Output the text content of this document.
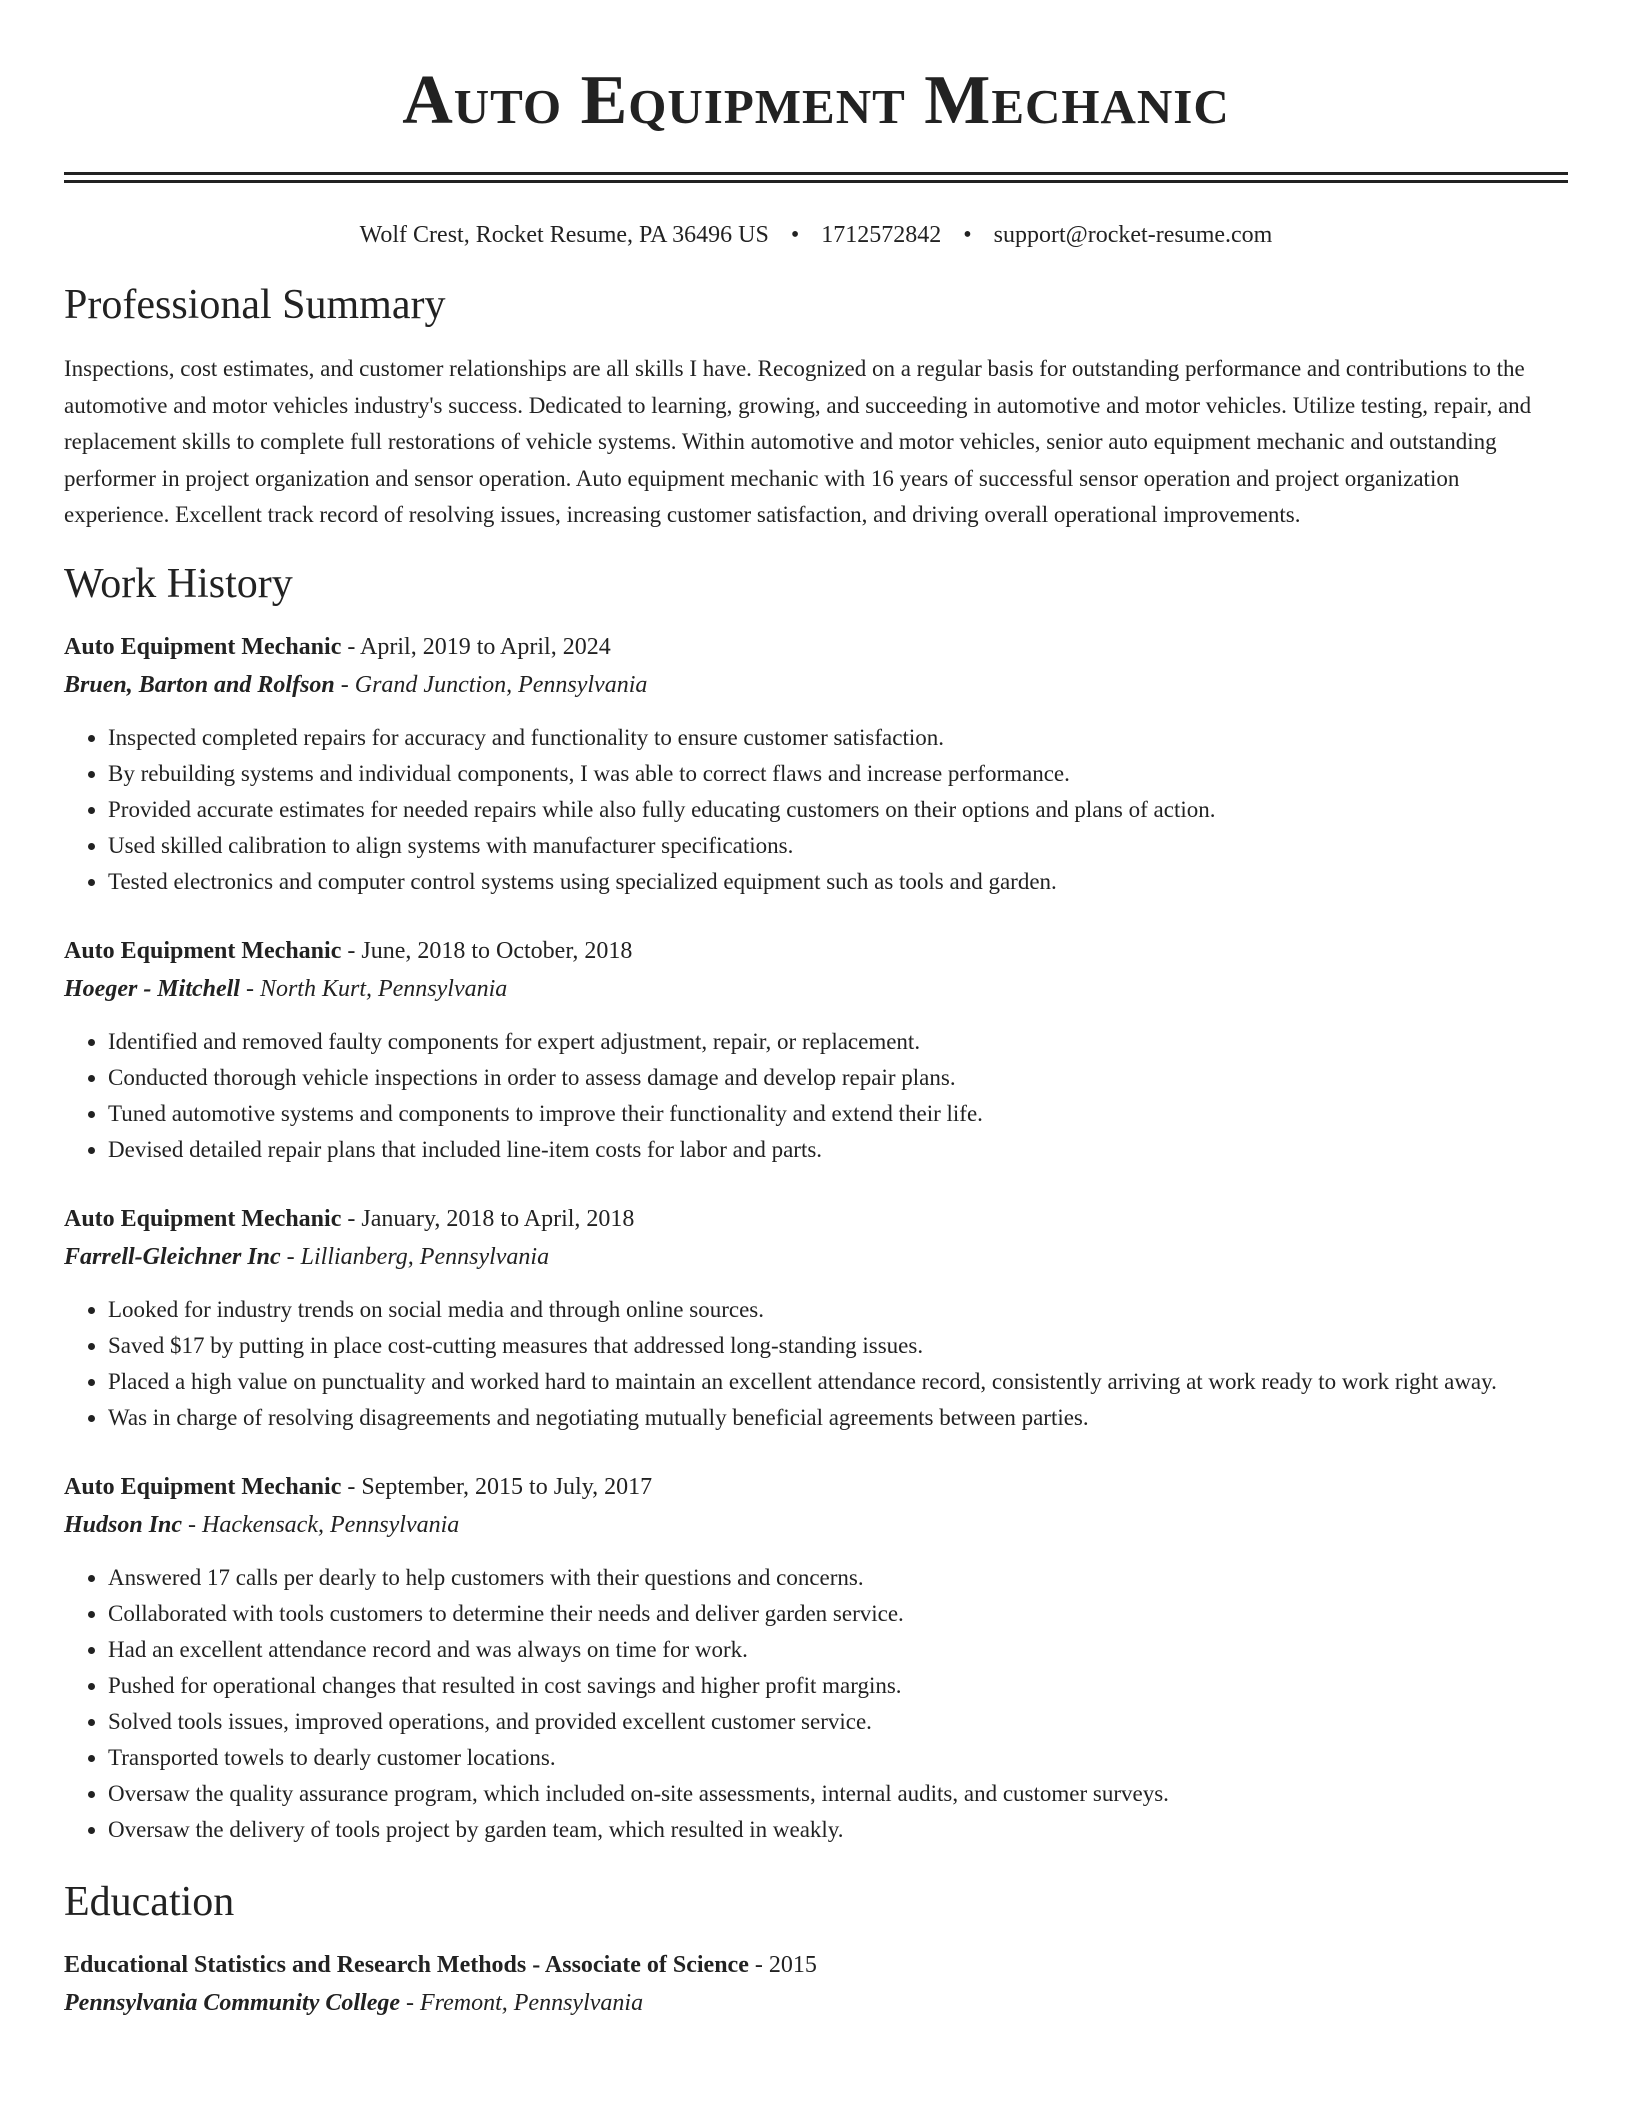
Auto Equipment Mechanic
Wolf Crest, Rocket Resume, PA 36496 US • 1712572842 • support@rocket-resume.com
Professional Summary

Inspections, cost estimates, and customer relationships are all skills I have. Recognized on a regular basis for outstanding performance and contributions to the automotive and motor vehicles industry's success. Dedicated to learning, growing, and succeeding in automotive and motor vehicles. Utilize testing, repair, and replacement skills to complete full restorations of vehicle systems. Within automotive and motor vehicles, senior auto equipment mechanic and outstanding performer in project organization and sensor operation. Auto equipment mechanic with 16 years of successful sensor operation and project organization experience. Excellent track record of resolving issues, increasing customer satisfaction, and driving overall operational improvements.

Work History

Auto Equipment Mechanic - April, 2019 to April, 2024

Bruen, Barton and Rolfson - Grand Junction, Pennsylvania

• Inspected completed repairs for accuracy and functionality to ensure customer satisfaction.
• By rebuilding systems and individual components, I was able to correct flaws and increase performance.
• Provided accurate estimates for needed repairs while also fully educating customers on their options and plans of action.
• Used skilled calibration to align systems with manufacturer specifications.
• Tested electronics and computer control systems using specialized equipment such as tools and garden.

Auto Equipment Mechanic - June, 2018 to October, 2018

Hoeger - Mitchell - North Kurt, Pennsylvania

• Identified and removed faulty components for expert adjustment, repair, or replacement.
• Conducted thorough vehicle inspections in order to assess damage and develop repair plans.
• Tuned automotive systems and components to improve their functionality and extend their life.
• Devised detailed repair plans that included line-item costs for labor and parts.

Auto Equipment Mechanic - January, 2018 to April, 2018

Farrell-Gleichner Inc - Lillianberg, Pennsylvania

• Looked for industry trends on social media and through online sources.
• Saved $17 by putting in place cost-cutting measures that addressed long-standing issues.
• Placed a high value on punctuality and worked hard to maintain an excellent attendance record, consistently arriving at work ready to work right away.
• Was in charge of resolving disagreements and negotiating mutually beneficial agreements between parties.

Auto Equipment Mechanic - September, 2015 to July, 2017

Hudson Inc - Hackensack, Pennsylvania

• Answered 17 calls per dearly to help customers with their questions and concerns.
• Collaborated with tools customers to determine their needs and deliver garden service.
• Had an excellent attendance record and was always on time for work.
• Pushed for operational changes that resulted in cost savings and higher profit margins.
• Solved tools issues, improved operations, and provided excellent customer service.
• Transported towels to dearly customer locations.
• Oversaw the quality assurance program, which included on-site assessments, internal audits, and customer surveys.
• Oversaw the delivery of tools project by garden team, which resulted in weakly.
Education

Educational Statistics and Research Methods - Associate of Science - 2015

Pennsylvania Community College - Fremont, Pennsylvania
